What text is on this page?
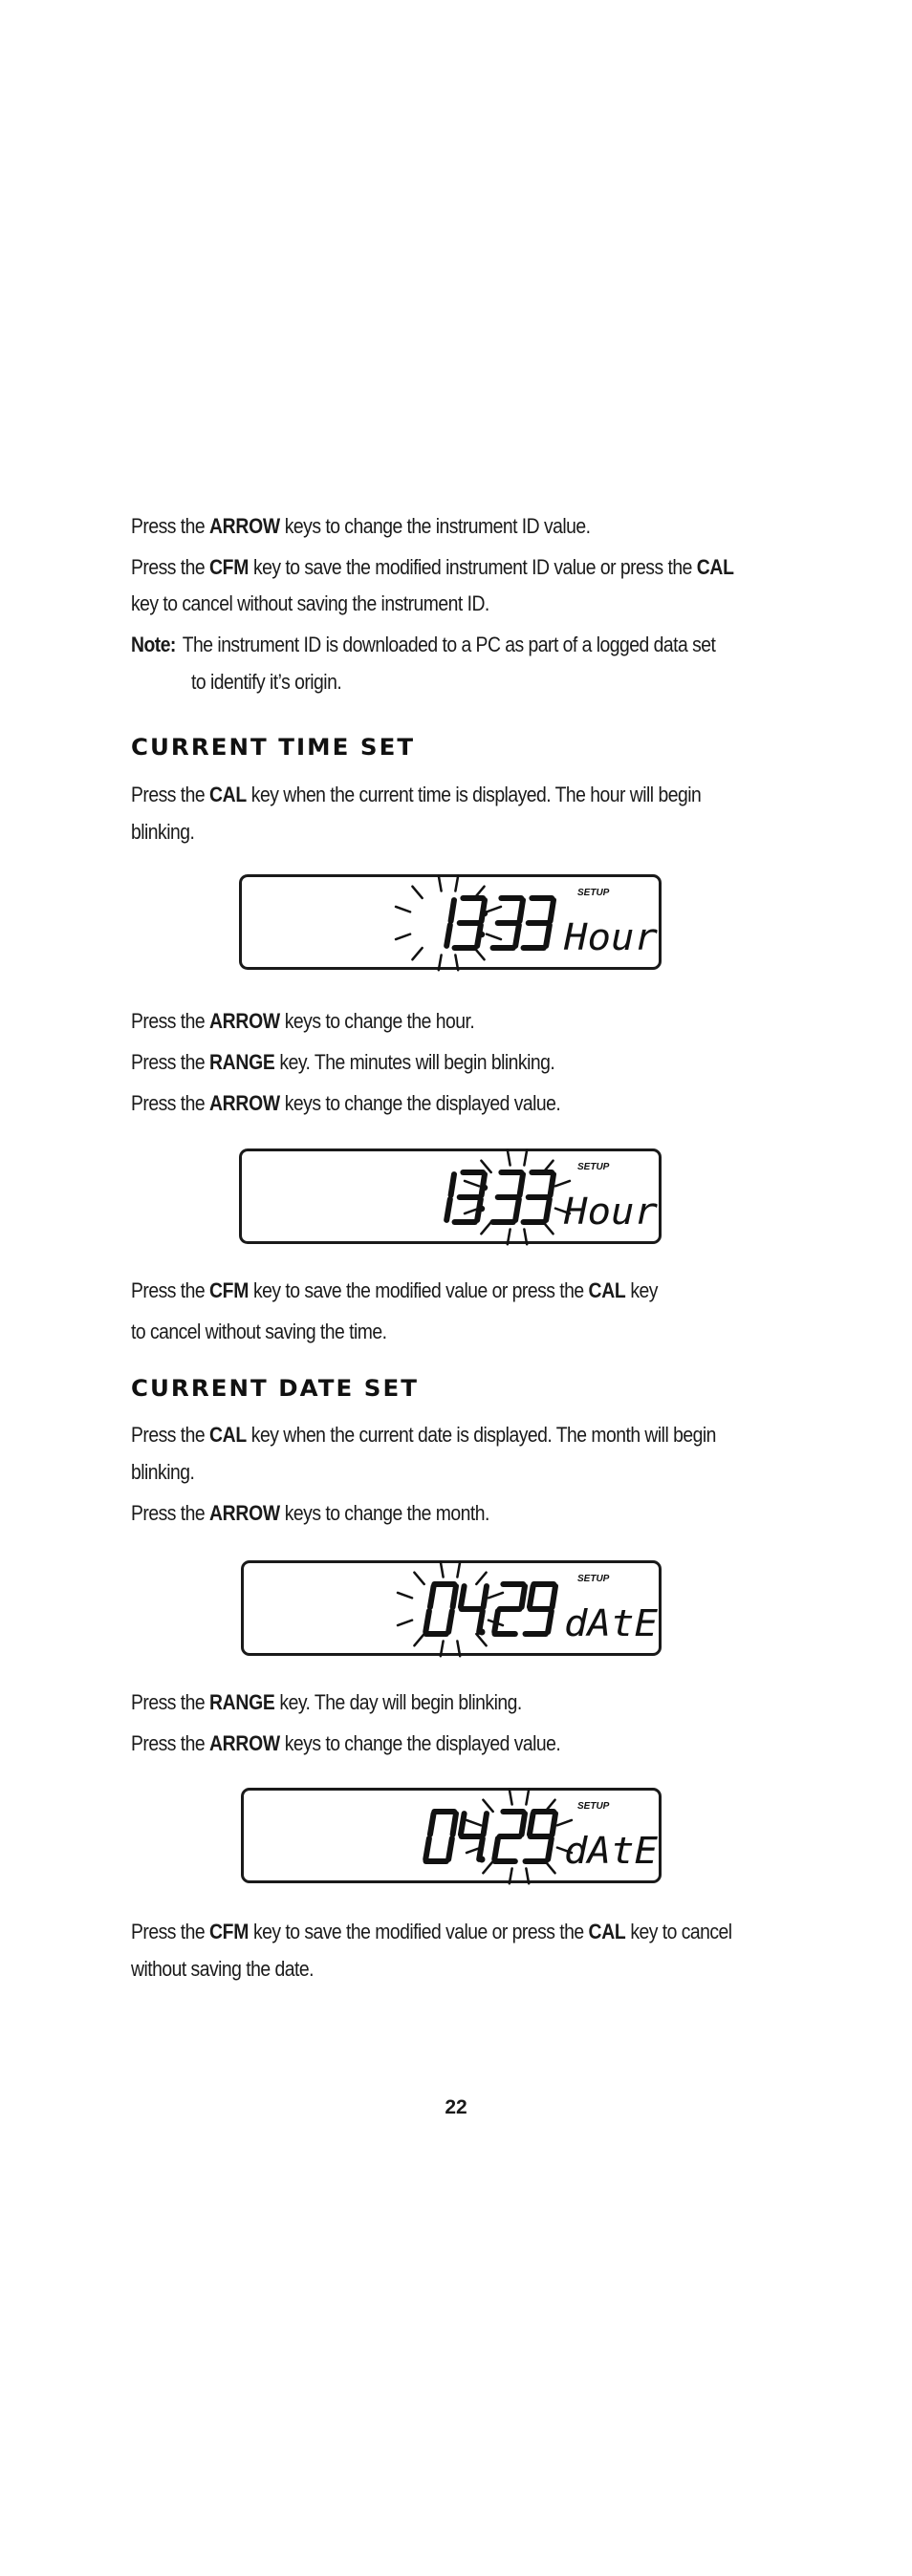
Press the ARROW keys to change the instrument ID value.
Press the CFM key to save the modified instrument ID value or press the CAL
key to cancel without saving the instrument ID.
Note: The instrument ID is downloaded to a PC as part of a logged data set
to identify it’s origin.
CURRENT TIME SET
Press the CAL key when the current time is displayed. The hour will begin
blinking.
SETUP
Hour
Press the ARROW keys to change the hour.
Press the RANGE key. The minutes will begin blinking.
Press the ARROW keys to change the displayed value.
SETUP
Hour
Press the CFM key to save the modified value or press the CAL key
to cancel without saving the time.
CURRENT DATE SET
Press the CAL key when the current date is displayed. The month will begin
blinking.
Press the ARROW keys to change the month.
SETUP
dAtE
Press the RANGE key. The day will begin blinking.
Press the ARROW keys to change the displayed value.
SETUP
dAtE
Press the CFM key to save the modified value or press the CAL key to cancel
without saving the date.
22
